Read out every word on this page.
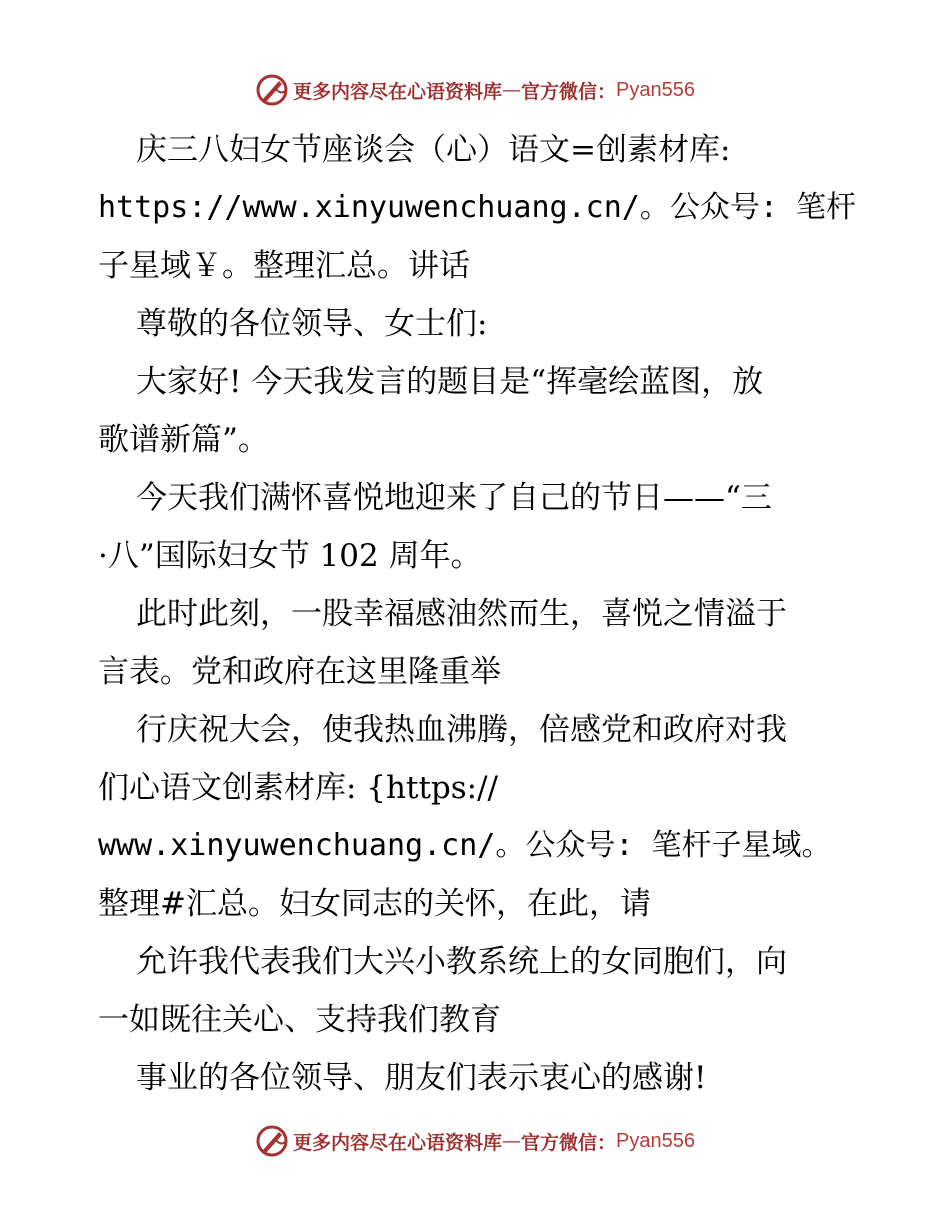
更多内容尽在心语资料库 — 官方微信： Pyan556
庆三八妇女节座谈会（心）语文=创素材库:
https://www.xinyuwenchuang.cn/。公众号: 笔杆
子星域￥。整理汇总。讲话
尊敬的各位领导、女士们:
大家好! 今天我发言的题目是“挥毫绘蓝图，放
歌谱新篇”。
今天我们满怀喜悦地迎来了自己的节日——“三
·八”国际妇女节 102 周年。
此时此刻，一股幸福感油然而生，喜悦之情溢于
言表。党和政府在这里隆重举
行庆祝大会，使我热血沸腾，倍感党和政府对我
们心语文创素材库: {https://
www.xinyuwenchuang.cn/。公众号: 笔杆子星域。
整理#汇总。妇女同志的关怀，在此，请
允许我代表我们大兴小教系统上的女同胞们，向
一如既往关心、支持我们教育
事业的各位领导、朋友们表示衷心的感谢!
更多内容尽在心语资料库 — 官方微信： Pyan556
